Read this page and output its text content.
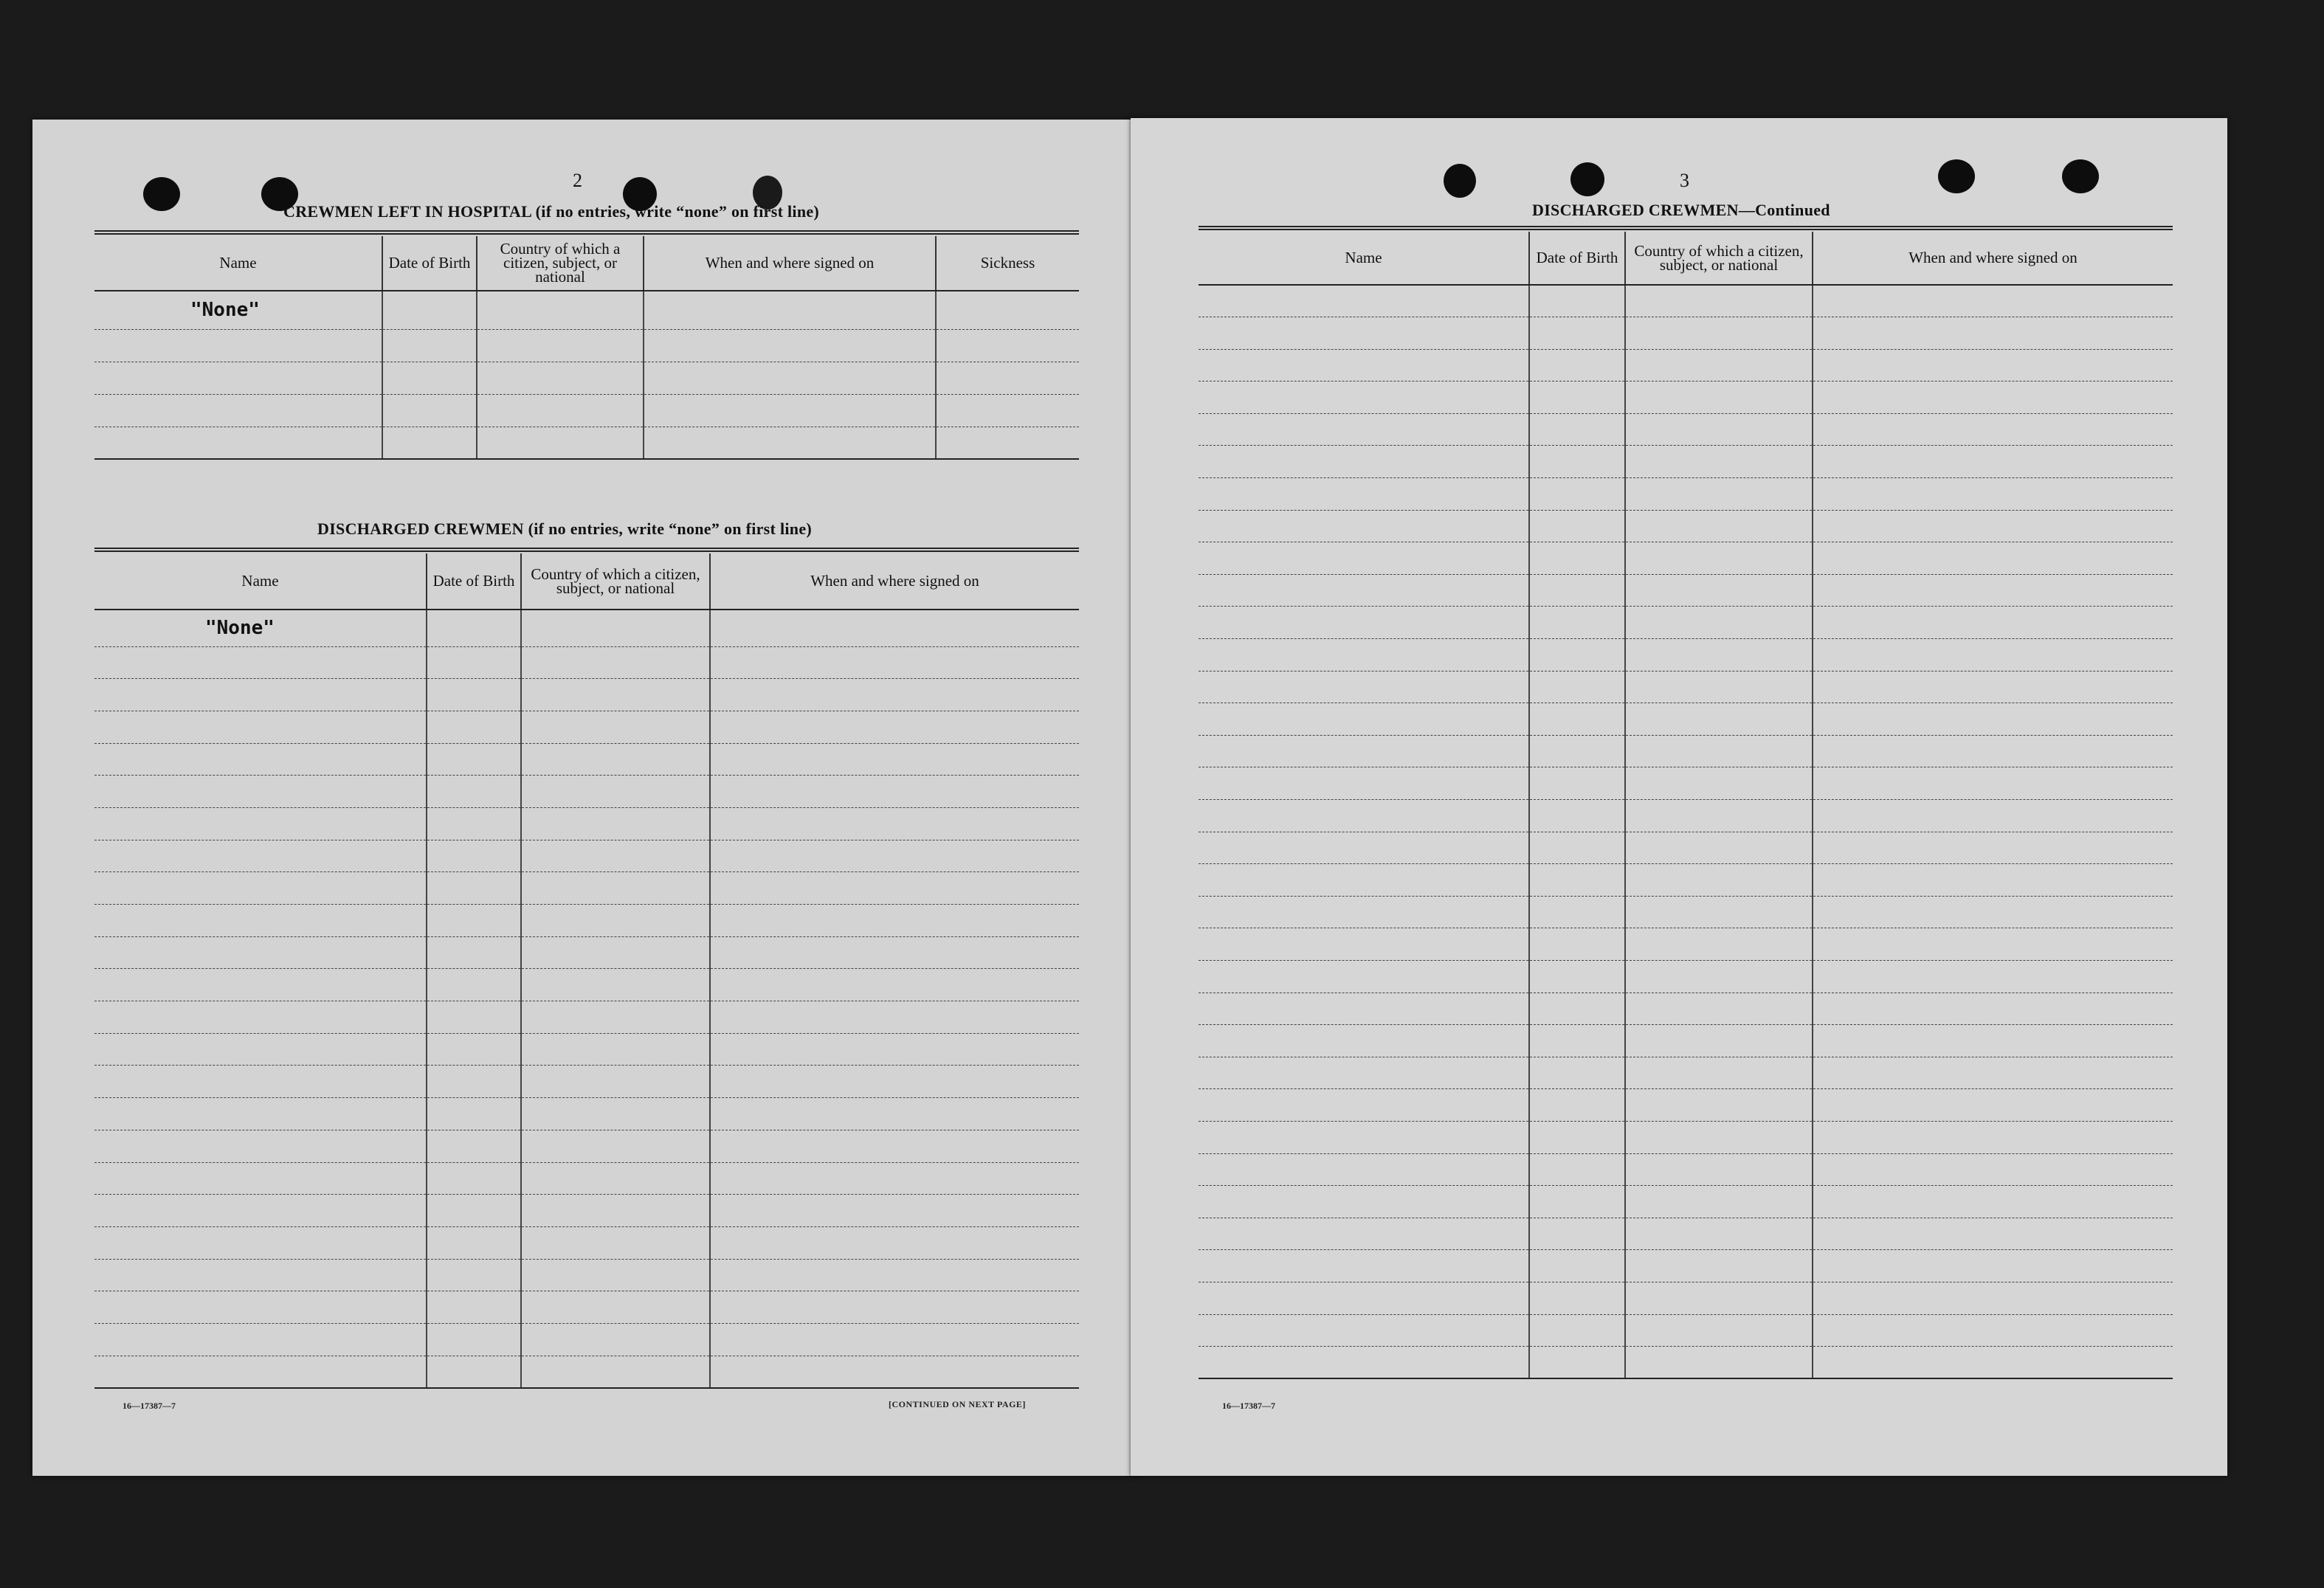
2
CREWMEN LEFT IN HOSPITAL (if no entries, write “none” on first line)
Name	Date of Birth	Country of which a citizen, subject, or national	When and where signed on	Sickness
"None"				

DISCHARGED CREWMEN (if no entries, write “none” on first line)
Name	Date of Birth	Country of which a citizen, subject, or national	When and where signed on
"None"			

16—17387—7	[CONTINUED ON NEXT PAGE]
3
DISCHARGED CREWMEN—Continued
Name	Date of Birth	Country of which a citizen, subject, or national	When and where signed on

16—17387—7
